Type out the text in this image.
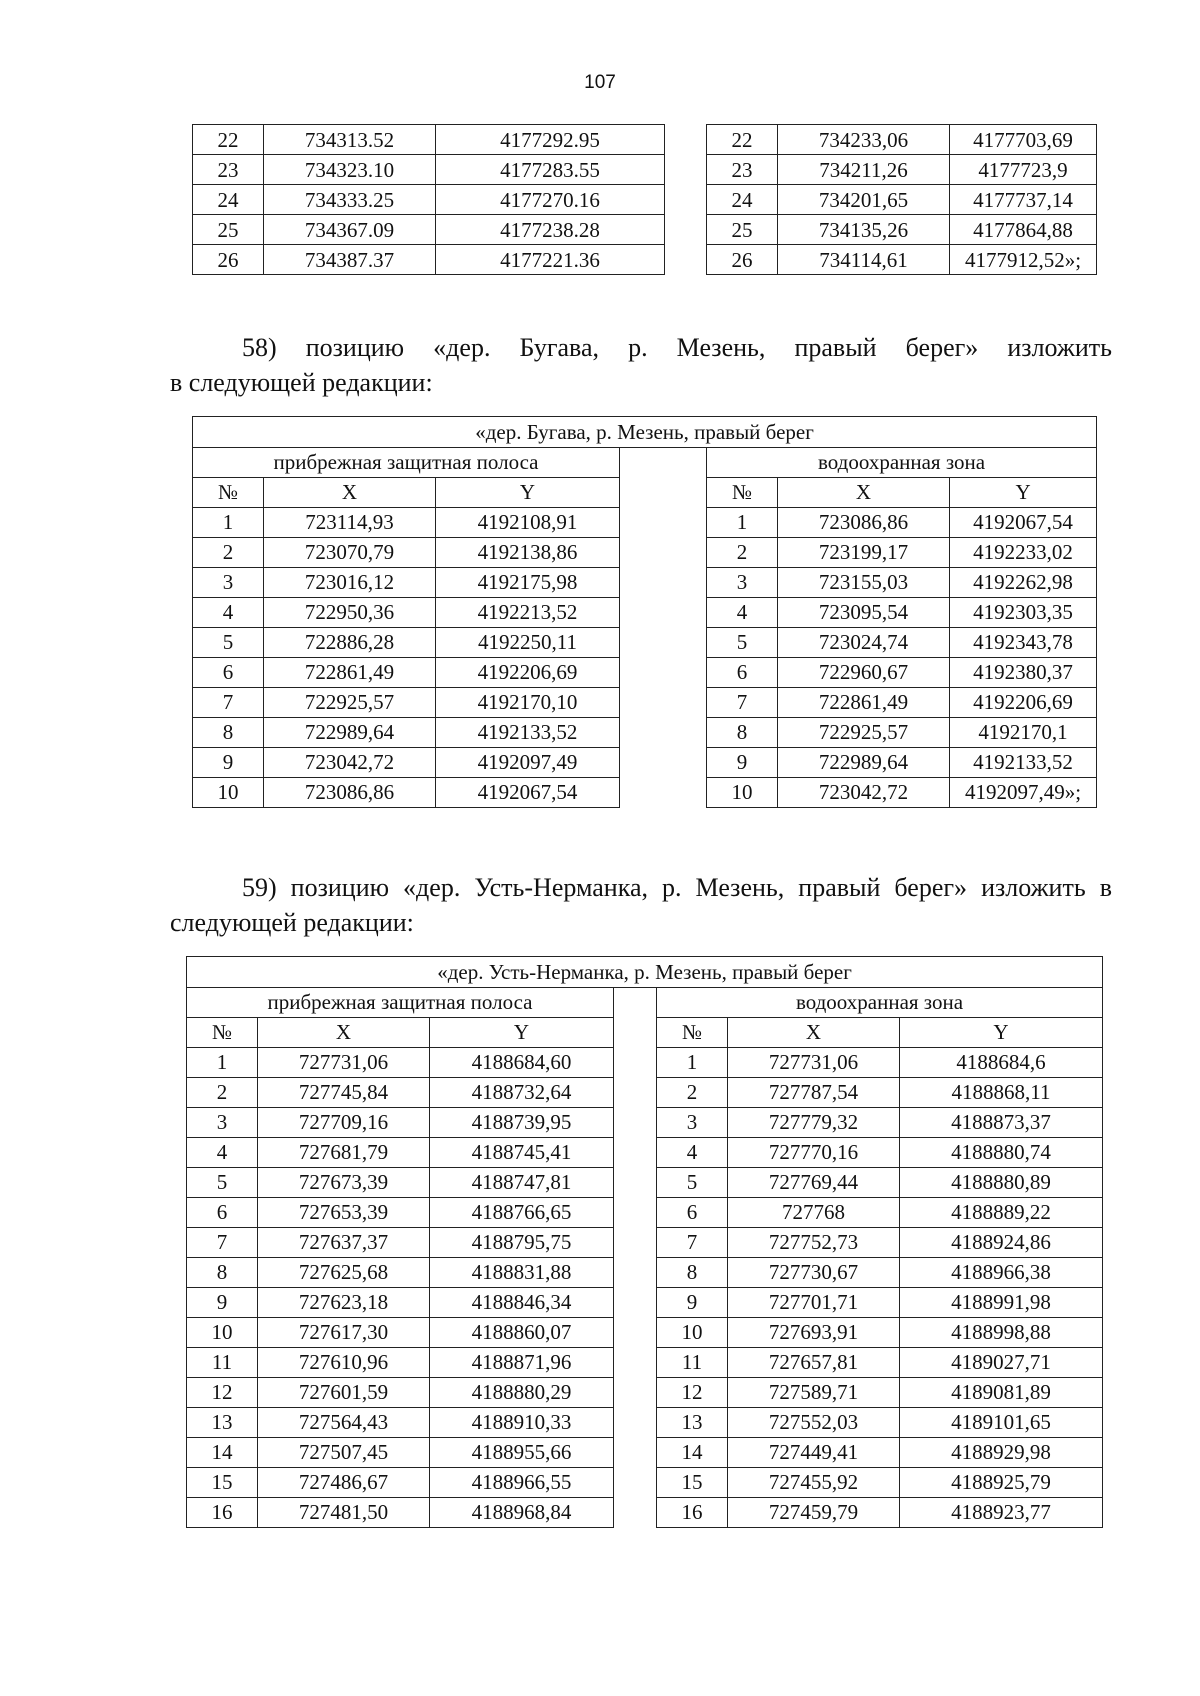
107
22	734313.52	4177292.95		22	734233,06	4177703,69
23	734323.10	4177283.55		23	734211,26	4177723,9
24	734333.25	4177270.16		24	734201,65	4177737,14
25	734367.09	4177238.28		25	734135,26	4177864,88
26	734387.37	4177221.36		26	734114,61	4177912,52»;
58) позицию «дер. Бугава, р. Мезень, правый берег» изложить
в следующей редакции:
«дер. Бугава, р. Мезень, правый берег						
прибрежная защитная полоса				водоохранная зона		
№	X	Y		№	X	Y
1	723114,93	4192108,91		1	723086,86	4192067,54
2	723070,79	4192138,86		2	723199,17	4192233,02
3	723016,12	4192175,98		3	723155,03	4192262,98
4	722950,36	4192213,52		4	723095,54	4192303,35
5	722886,28	4192250,11		5	723024,74	4192343,78
6	722861,49	4192206,69		6	722960,67	4192380,37
7	722925,57	4192170,10		7	722861,49	4192206,69
8	722989,64	4192133,52		8	722925,57	4192170,1
9	723042,72	4192097,49		9	722989,64	4192133,52
10	723086,86	4192067,54		10	723042,72	4192097,49»;
59) позицию «дер. Усть-Нерманка, р. Мезень, правый берег» изложить в
следующей редакции:
«дер. Усть-Нерманка, р. Мезень, правый берег						
прибрежная защитная полоса				водоохранная зона		
№	X	Y		№	X	Y
1	727731,06	4188684,60		1	727731,06	4188684,6
2	727745,84	4188732,64		2	727787,54	4188868,11
3	727709,16	4188739,95		3	727779,32	4188873,37
4	727681,79	4188745,41		4	727770,16	4188880,74
5	727673,39	4188747,81		5	727769,44	4188880,89
6	727653,39	4188766,65		6	727768	4188889,22
7	727637,37	4188795,75		7	727752,73	4188924,86
8	727625,68	4188831,88		8	727730,67	4188966,38
9	727623,18	4188846,34		9	727701,71	4188991,98
10	727617,30	4188860,07		10	727693,91	4188998,88
11	727610,96	4188871,96		11	727657,81	4189027,71
12	727601,59	4188880,29		12	727589,71	4189081,89
13	727564,43	4188910,33		13	727552,03	4189101,65
14	727507,45	4188955,66		14	727449,41	4188929,98
15	727486,67	4188966,55		15	727455,92	4188925,79
16	727481,50	4188968,84		16	727459,79	4188923,77
